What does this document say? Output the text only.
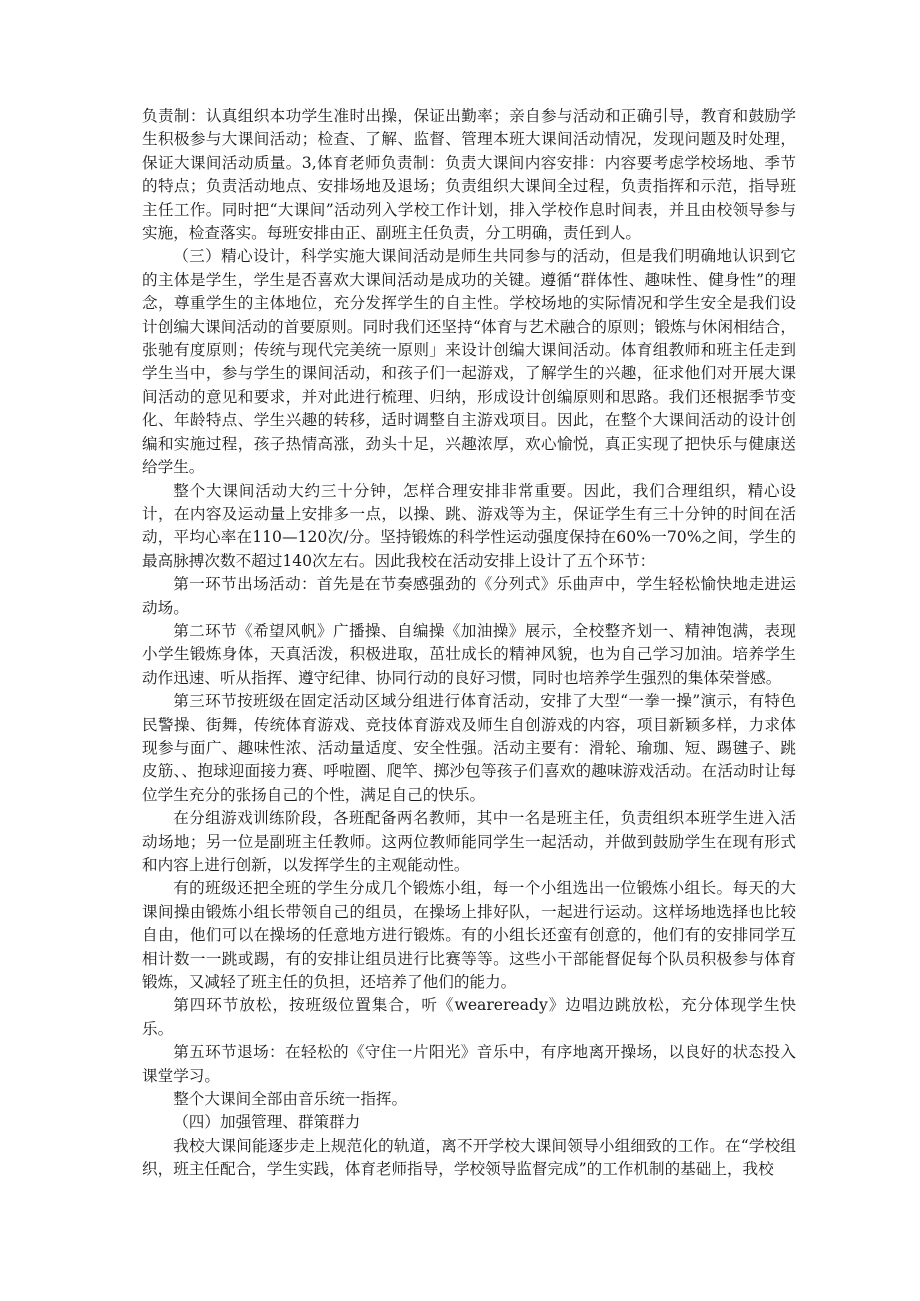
负责制：认真组织本功学生准时出操，保证出勤率；亲自参与活动和正确引导，教育和鼓励学生积极参与大课间活动；检查、了解、监督、管理本班大课间活动情况，发现问题及时处理，保证大课间活动质量。3,体育老师负责制：负责大课间内容安排：内容要考虑学校场地、季节的特点；负责活动地点、安排场地及退场；负责组织大课间全过程，负责指挥和示范，指导班主任工作。同时把“大课间”活动列入学校工作计划，排入学校作息时间表，并且由校领导参与实施，检查落实。每班安排由正、副班主任负责，分工明确，责任到人。

（三）精心设计，科学实施大课间活动是师生共同参与的活动，但是我们明确地认识到它的主体是学生，学生是否喜欢大课间活动是成功的关键。遵循“群体性、趣味性、健身性”的理念，尊重学生的主体地位，充分发挥学生的自主性。学校场地的实际情况和学生安全是我们设计创编大课间活动的首要原则。同时我们还坚持“体育与艺术融合的原则；锻炼与休闲相结合，张驰有度原则；传统与现代完美统一原则」来设计创编大课间活动。体育组教师和班主任走到学生当中，参与学生的课间活动，和孩子们一起游戏，了解学生的兴趣，征求他们对开展大课间活动的意见和要求，并对此进行梳理、归纳，形成设计创编原则和思路。我们还根据季节变化、年龄特点、学生兴趣的转移，适时调整自主游戏项目。因此，在整个大课间活动的设计创编和实施过程，孩子热情高涨，劲头十足，兴趣浓厚，欢心愉悦，真正实现了把快乐与健康送给学生。

整个大课间活动大约三十分钟，怎样合理安排非常重要。因此，我们合理组织，精心设计，在内容及运动量上安排多一点，以操、跳、游戏等为主，保证学生有三十分钟的时间在活动，平均心率在110—120次/分。坚持锻炼的科学性运动强度保持在60%一70%之间，学生的最高脉搏次数不超过140次左右。因此我校在活动安排上设计了五个环节：

第一环节出场活动：首先是在节奏感强劲的《分列式》乐曲声中，学生轻松愉快地走进运动场。

第二环节《希望风帆》广播操、自编操《加油操》展示，全校整齐划一、精神饱满，表现小学生锻炼身体，天真活泼，积极进取，茁壮成长的精神风貌，也为自己学习加油。培养学生动作迅速、听从指挥、遵守纪律、协同行动的良好习惯，同时也培养学生强烈的集体荣誉感。

第三环节按班级在固定活动区域分组进行体育活动，安排了大型“一拳一操”演示，有特色民警操、街舞，传统体育游戏、竞技体育游戏及师生自创游戏的内容，项目新颖多样，力求体现参与面广、趣味性浓、活动量适度、安全性强。活动主要有：滑轮、瑜珈、短、踢毽子、跳皮筋、、抱球迎面接力赛、呼啦圈、爬竿、掷沙包等孩子们喜欢的趣味游戏活动。在活动时让每位学生充分的张扬自己的个性，满足自己的快乐。

在分组游戏训练阶段，各班配备两名教师，其中一名是班主任，负责组织本班学生进入活动场地；另一位是副班主任教师。这两位教师能同学生一起活动，并做到鼓励学生在现有形式和内容上进行创新，以发挥学生的主观能动性。

有的班级还把全班的学生分成几个锻炼小组，每一个小组选出一位锻炼小组长。每天的大课间操由锻炼小组长带领自己的组员，在操场上排好队，一起进行运动。这样场地选择也比较自由，他们可以在操场的任意地方进行锻炼。有的小组长还蛮有创意的，他们有的安排同学互相计数一一跳或踢，有的安排让组员进行比赛等等。这些小干部能督促每个队员积极参与体育锻炼，又减轻了班主任的负担，还培养了他们的能力。

第四环节放松，按班级位置集合，听《weareready》边唱边跳放松，充分体现学生快乐。

第五环节退场：在轻松的《守住一片阳光》音乐中，有序地离开操场，以良好的状态投入课堂学习。

整个大课间全部由音乐统一指挥。

（四）加强管理、群策群力

我校大课间能逐步走上规范化的轨道，离不开学校大课间领导小组细致的工作。在“学校组织，班主任配合，学生实践，体育老师指导，学校领导监督完成”的工作机制的基础上，我校
